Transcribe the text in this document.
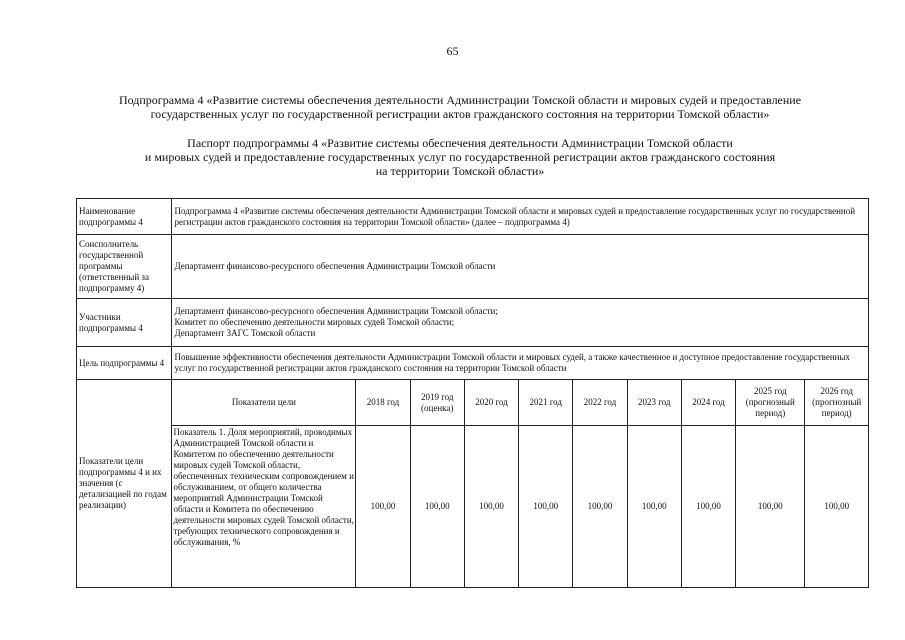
65

Подпрограмма 4 «Развитие системы обеспечения деятельности Администрации Томской области и мировых судей и предоставление

государственных услуг по государственной регистрации актов гражданского состояния на территории Томской области»

Паспорт подпрограммы 4 «Развитие системы обеспечения деятельности Администрации Томской области

и мировых судей и предоставление государственных услуг по государственной регистрации актов гражданского состояния

на территории Томской области»

Наименование подпрограммы 4	Подпрограмма 4 «Развитие системы обеспечения деятельности Администрации Томской области и мировых судей и предоставление государственных услуг по государственной регистрации актов гражданского состояния на территории Томской области» (далее – подпрограмма 4)									
Соисполнитель государственной программы (ответственный за подпрограмму 4)	Департамент финансово-ресурсного обеспечения Администрации Томской области									
Участники подпрограммы 4	Департамент финансово-ресурсного обеспечения Администрации Томской области;

Комитет по обеспечению деятельности мировых судей Томской области;

Департамент ЗАГС Томской области									

Цель подпрограммы 4	Повышение эффективности обеспечения деятельности Администрации Томской области и мировых судей, а также качественное и доступное предоставление государственных услуг по государственной регистрации актов гражданского состояния на территории Томской области									
Показатели цели подпрограммы 4 и их значения (с детализацией по годам реализации)	Показатели цели	2018 год	2019 год (оценка)	2020 год	2021 год	2022 год	2023 год	2024 год	2025 год (прогнозный период)	2026 год (прогнозный период)
	Показатель 1. Доля мероприятий, проводимых Администрацией Томской области и Комитетом по обеспечению деятельности мировых судей Томской области, обеспеченных техническим сопровождением и обслуживанием, от общего количества мероприятий Администрации Томской области и Комитета по обеспечению деятельности мировых судей Томской области, требующих технического сопровождения и обслуживания, %	100,00	100,00	100,00	100,00	100,00	100,00	100,00	100,00	100,00
